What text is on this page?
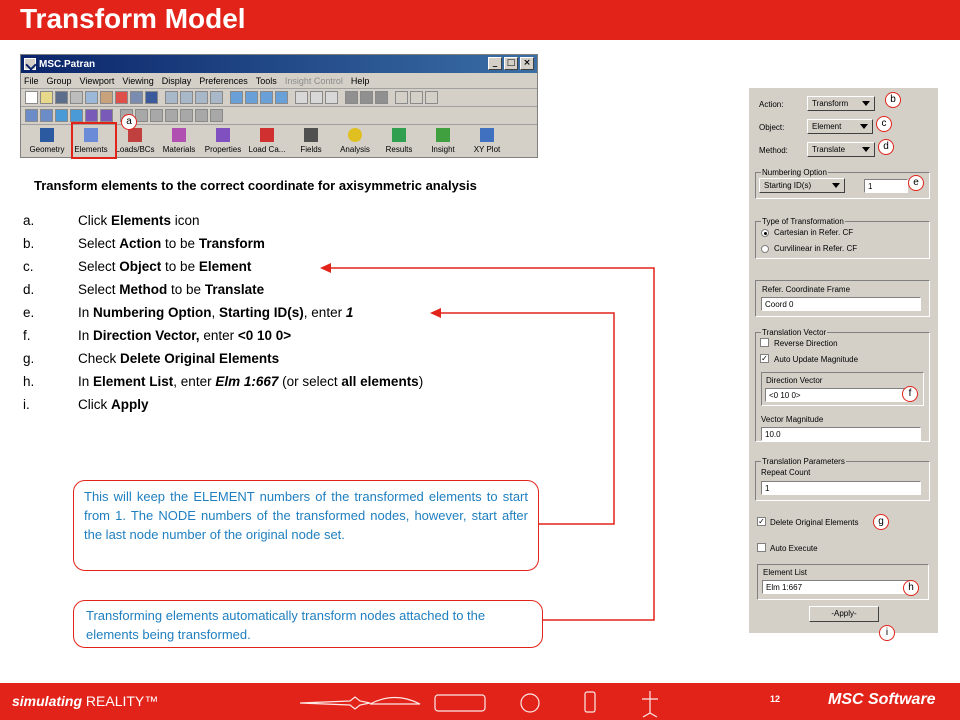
Transform Model
MSC.Patran	_	□ ×
File Group Viewport Viewing Display Preferences Tools Insight Control Help
Geometry Elements Loads/BCs Materials Properties Load Ca... Fields Analysis Results Insight XY Plot
a
Transform elements to the correct coordinate for axisymmetric analysis
a.	Click Elements icon
b.	Select Action to be Transform
c.	Select Object to be Element
d.	Select Method to be Translate
e.	In Numbering Option, Starting ID(s), enter 1
f.	In Direction Vector, enter <0 10 0>
g.	Check Delete Original Elements
h.	In Element List, enter Elm 1:667 (or select all elements)
i.	Click Apply
This will keep the ELEMENT numbers of the transformed elements to start from 1. The NODE numbers of the transformed nodes, however, start after the last node number of the original node set.
Transforming elements automatically transform nodes attached to the elements being transformed.
Action:	Transform
Object:	Element
Method:	Translate
Numbering Option
Starting ID(s)	1
Type of Transformation
Cartesian in Refer. CF
Curvilinear in Refer. CF
Refer. Coordinate Frame
Coord 0
Translation Vector
Reverse Direction
✓ Auto Update Magnitude
Direction Vector
<0 10 0>
Vector Magnitude
10.0
Translation Parameters
Repeat Count
1
✓ Delete Original Elements
Auto Execute
Element List
Elm 1:667
-Apply-
b
c
d
e
f
g
h
i
simulating REALITY™	12	MSC Software
